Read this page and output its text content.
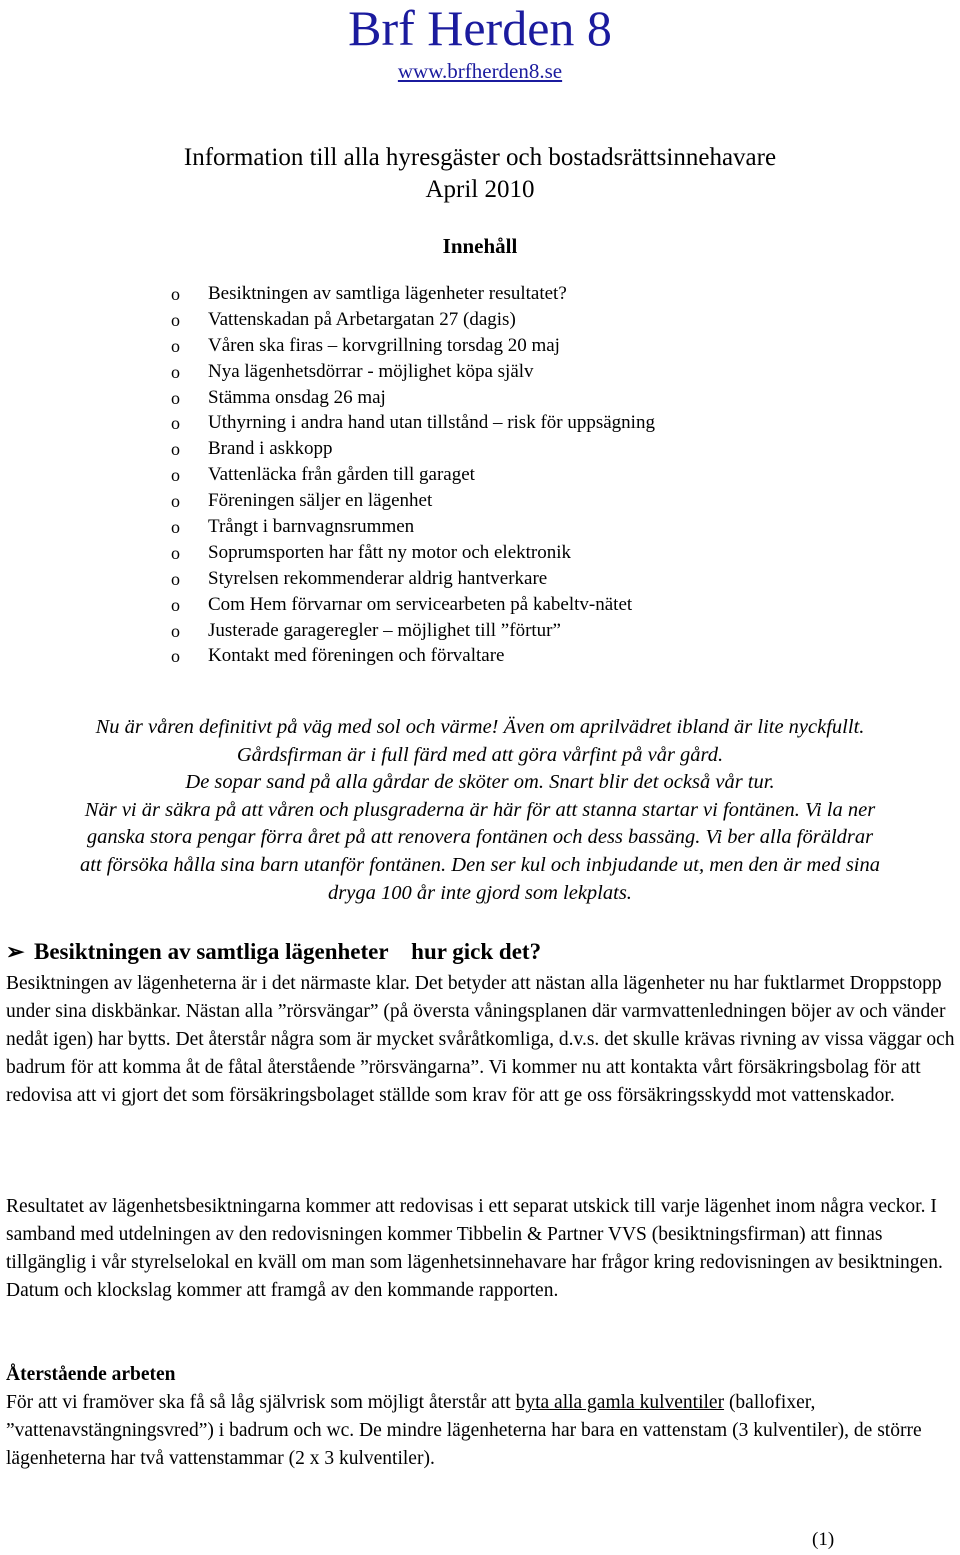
Brf Herden 8
www.brfherden8.se
Information till alla hyresgäster och bostadsrättsinnehavare
April 2010
Innehåll
o Besiktningen av samtliga lägenheter resultatet?
o Vattenskadan på Arbetargatan 27 (dagis)
o Våren ska firas – korvgrillning torsdag 20 maj
o Nya lägenhetsdörrar - möjlighet köpa själv
o Stämma onsdag 26 maj
o Uthyrning i andra hand utan tillstånd – risk för uppsägning
o Brand i askkopp
o Vattenläcka från gården till garaget
o Föreningen säljer en lägenhet
o Trångt i barnvagnsrummen
o Soprumsporten har fått ny motor och elektronik
o Styrelsen rekommenderar aldrig hantverkare
o Com Hem förvarnar om servicearbeten på kabeltv-nätet
o Justerade garageregler – möjlighet till ”förtur”
o Kontakt med föreningen och förvaltare

Nu är våren definitivt på väg med sol och värme! Även om aprilvädret ibland är lite nyckfullt.

Gårdsfirman är i full färd med att göra vårfint på vår gård.

De sopar sand på alla gårdar de sköter om. Snart blir det också vår tur.

När vi är säkra på att våren och plusgraderna är här för att stanna startar vi fontänen. Vi la ner

ganska stora pengar förra året på att renovera fontänen och dess bassäng. Vi ber alla föräldrar

att försöka hålla sina barn utanför fontänen. Den ser kul och inbjudande ut, men den är med sina

dryga 100 år inte gjord som lekplats.

➢ Besiktningen av samtliga lägenheter    hur gick det?

Besiktningen av lägenheterna är i det närmaste klar. Det betyder att nästan alla lägenheter nu har fuktlarmet Droppstopp under sina diskbänkar. Nästan alla ”rörsvängar” (på översta våningsplanen där varmvattenledningen böjer av och vänder nedåt igen) har bytts. Det återstår några som är mycket svåråtkomliga, d.v.s. det skulle krävas rivning av vissa väggar och badrum för att komma åt de fåtal återstående ”rörsvängarna”. Vi kommer nu att kontakta vårt försäkringsbolag för att redovisa att vi gjort det som försäkringsbolaget ställde som krav för att ge oss försäkringsskydd mot vattenskador.

Resultatet av lägenhetsbesiktningarna kommer att redovisas i ett separat utskick till varje lägenhet inom några veckor. I samband med utdelningen av den redovisningen kommer Tibbelin & Partner VVS (besiktningsfirman) att finnas tillgänglig i vår styrelselokal en kväll om man som lägenhetsinnehavare har frågor kring redovisningen av besiktningen. Datum och klockslag kommer att framgå av den kommande rapporten.

Återstående arbeten

För att vi framöver ska få så låg självrisk som möjligt återstår att byta alla gamla kulventiler (ballofixer, ”vattenavstängningsvred”) i badrum och wc. De mindre lägenheterna har bara en vattenstam (3 kulventiler), de större lägenheterna har två vattenstammar (2 x 3 kulventiler).

(1)
